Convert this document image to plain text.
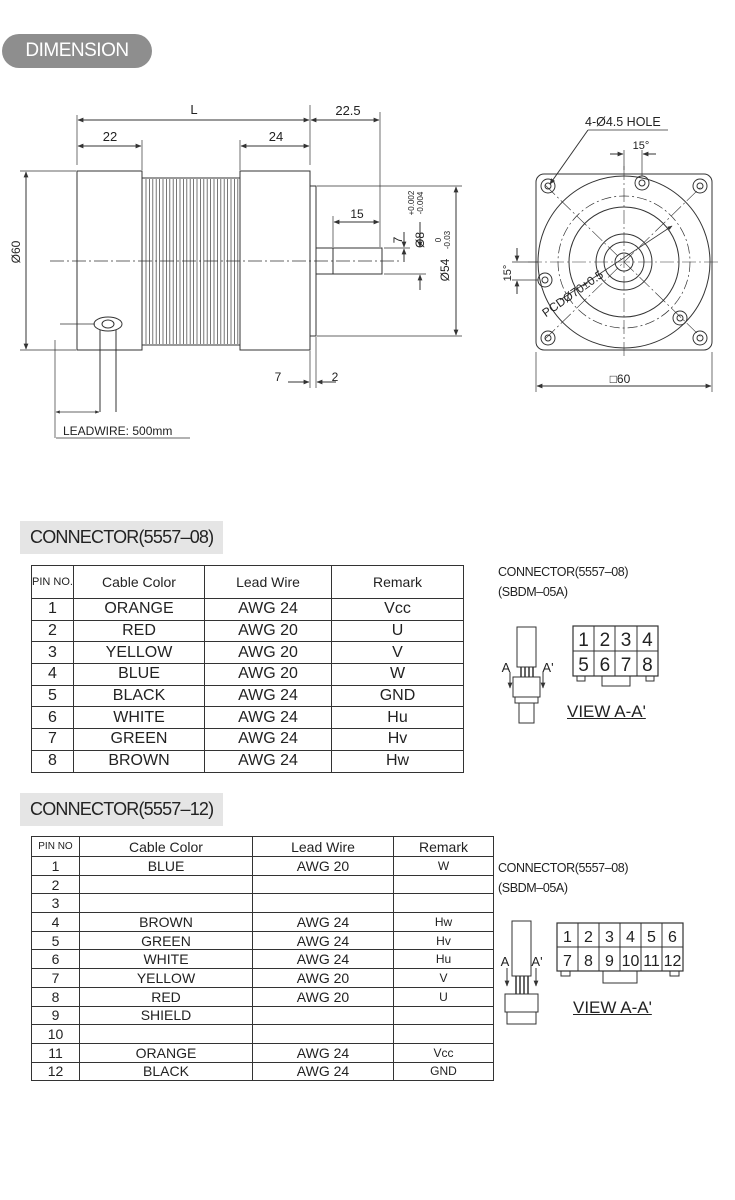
DIMENSION
L
22	24
22.5
15
7 Ø8
+0.002 -0.004
Ø54
0 -0.03
Ø60
7	2
LEADWIRE: 500mm
4-Ø4.5 HOLE
15°
15° PCDØ70±0.5
□60
A A'
1 2 3 4
5 6 7 8
A A'
1 2 3 4 5 6
7 8 9 10 11 12
CONNECTOR(5557–08)
PIN NO.	Cable Color	Lead Wire	Remark
1	ORANGE	AWG 24	Vcc
2	RED	AWG 20	U
3	YELLOW	AWG 20	V
4	BLUE	AWG 20	W
5	BLACK	AWG 24	GND
6	WHITE	AWG 24	Hu
7	GREEN	AWG 24	Hv
8	BROWN	AWG 24	Hw
CONNECTOR(5557–08)
(SBDM–05A)
VIEW A-A'
CONNECTOR(5557–12)
PIN NO	Cable Color	Lead Wire	Remark
1	BLUE	AWG 20	W
2			
3			
4	BROWN	AWG 24	Hw
5	GREEN	AWG 24	Hv
6	WHITE	AWG 24	Hu
7	YELLOW	AWG 20	V
8	RED	AWG 20	U
9	SHIELD		
10			
11	ORANGE	AWG 24	Vcc
12	BLACK	AWG 24	GND
CONNECTOR(5557–08)
(SBDM–05A)
VIEW A-A'
